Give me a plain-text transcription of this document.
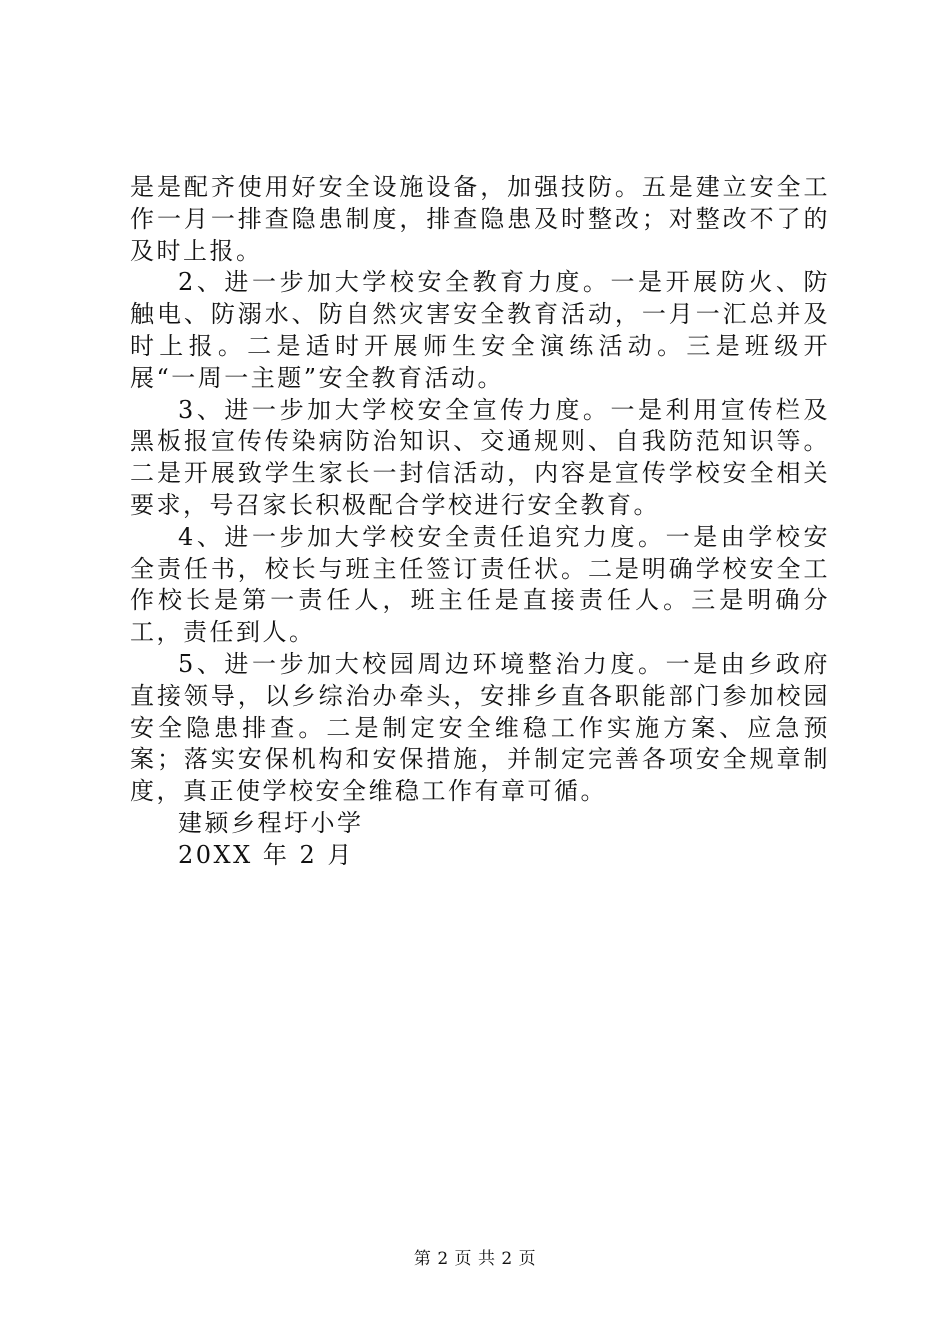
是是配齐使用好安全设施设备，加强技防。五是建立安全工作一月一排查隐患制度，排查隐患及时整改；对整改不了的及时上报。

2、进一步加大学校安全教育力度。一是开展防火、防触电、防溺水、防自然灾害安全教育活动，一月一汇总并及时上报。二是适时开展师生安全演练活动。三是班级开展“一周一主题”安全教育活动。

3、进一步加大学校安全宣传力度。一是利用宣传栏及黑板报宣传传染病防治知识、交通规则、自我防范知识等。二是开展致学生家长一封信活动，内容是宣传学校安全相关要求，号召家长积极配合学校进行安全教育。

4、进一步加大学校安全责任追究力度。一是由学校安全责任书，校长与班主任签订责任状。二是明确学校安全工作校长是第一责任人，班主任是直接责任人。三是明确分工，责任到人。

5、进一步加大校园周边环境整治力度。一是由乡政府直接领导，以乡综治办牵头，安排乡直各职能部门参加校园安全隐患排查。二是制定安全维稳工作实施方案、应急预案；落实安保机构和安保措施，并制定完善各项安全规章制度，真正使学校安全维稳工作有章可循。

建颍乡程圩小学

20XX 年 2 月

第 2 页 共 2 页
